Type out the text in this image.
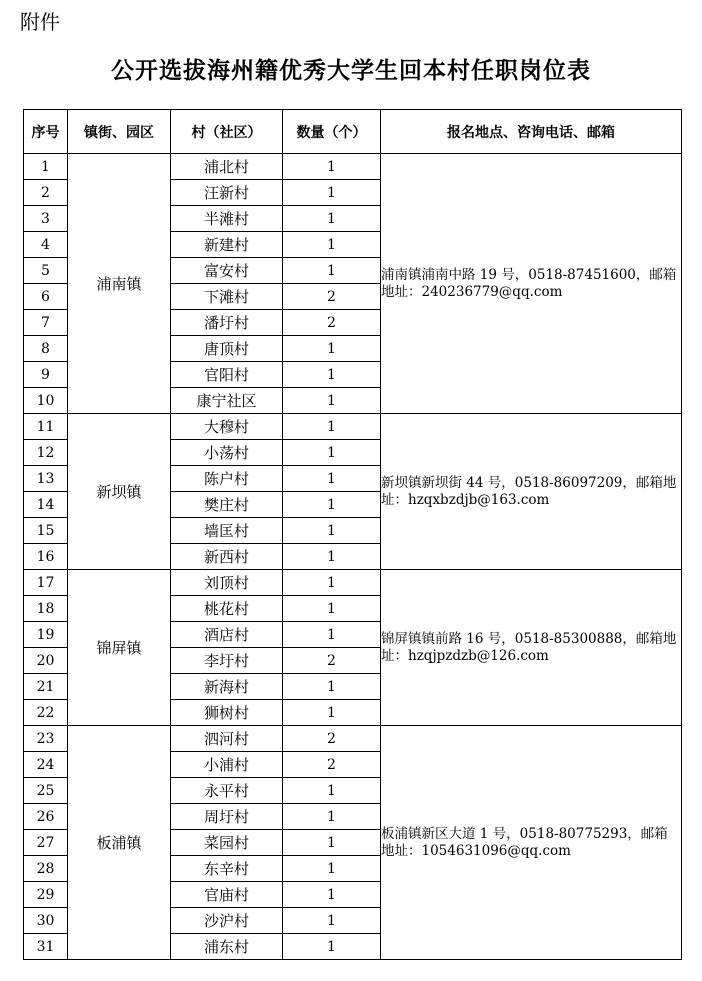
附件
公开选拔海州籍优秀大学生回本村任职岗位表
序号	镇街、园区	村（社区）	数量（个）	报名地点、咨询电话、邮箱
1	浦南镇	浦北村	1	浦南镇浦南中路 19 号，0518-87451600，邮箱地址：240236779@qq.com
2		汪新村	1	
3		半滩村	1	
4		新建村	1	
5		富安村	1	
6		下滩村	2	
7		潘圩村	2	
8		唐顶村	1	
9		官阳村	1	
10		康宁社区	1	
11	新坝镇	大穆村	1	新坝镇新坝街 44 号，0518-86097209，邮箱地址：hzqxbzdjb@163.com
12		小荡村	1	
13		陈户村	1	
14		樊庄村	1	
15		墙匡村	1	
16		新西村	1	
17	锦屏镇	刘顶村	1	锦屏镇镇前路 16 号，0518-85300888，邮箱地址：hzqjpzdzb@126.com
18		桃花村	1	
19		酒店村	1	
20		李圩村	2	
21		新海村	1	
22		狮树村	1	
23	板浦镇	泗河村	2	板浦镇新区大道 1 号，0518-80775293，邮箱地址：1054631096@qq.com
24		小浦村	2	
25		永平村	1	
26		周圩村	1	
27		菜园村	1	
28		东辛村	1	
29		官庙村	1	
30		沙沪村	1	
31		浦东村	1	
